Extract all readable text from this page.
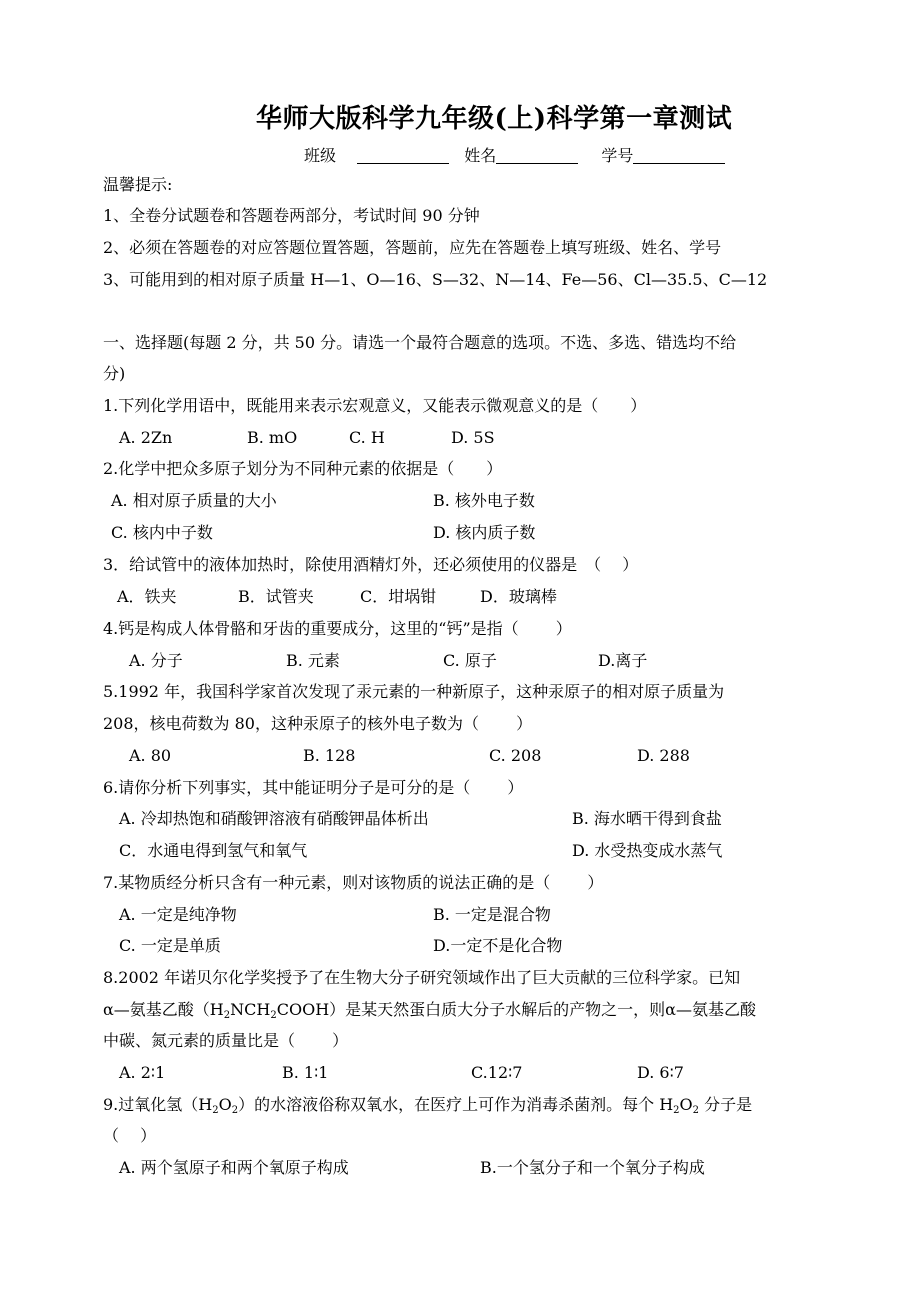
华师大版科学九年级(上)科学第一章测试
班级	姓名	学号
温馨提示:
1、全卷分试题卷和答题卷两部分，考试时间 90 分钟
2、必须在答题卷的对应答题位置答题，答题前，应先在答题卷上填写班级、姓名、学号
3、可能用到的相对原子质量 H—1、O—16、S—32、N—14、Fe—56、Cl—35.5、C—12
一、选择题(每题 2 分，共 50 分。请选一个最符合题意的选项。不选、多选、错选均不给
分)
1.下列化学用语中，既能用来表示宏观意义，又能表示微观意义的是（　　）
A. 2Zn	B. mO	C. H	D. 5S
2.化学中把众多原子划分为不同种元素的依据是（　　）
A. 相对原子质量的大小	B. 核外电子数
C. 核内中子数	D. 核内质子数
3．给试管中的液体加热时，除使用酒精灯外，还必须使用的仪器是　（　 ）
A．铁夹	B．试管夹	C．坩埚钳	D．玻璃棒
4.钙是构成人体骨骼和牙齿的重要成分，这里的“钙”是指（　　 ）
A. 分子	B. 元素	C. 原子	D.离子
5.1992 年，我国科学家首次发现了汞元素的一种新原子，这种汞原子的相对原子质量为
208，核电荷数为 80，这种汞原子的核外电子数为（　　 ）
A. 80	B. 128	C. 208	D. 288
6.请你分析下列事实，其中能证明分子是可分的是（　　 ）
A. 冷却热饱和硝酸钾溶液有硝酸钾晶体析出	B. 海水晒干得到食盐
C．水通电得到氢气和氧气	D. 水受热变成水蒸气
7.某物质经分析只含有一种元素，则对该物质的说法正确的是（　　 ）
A. 一定是纯净物	B. 一定是混合物
C. 一定是单质	D.一定不是化合物
8.2002 年诺贝尔化学奖授予了在生物大分子研究领域作出了巨大贡献的三位科学家。已知
α—氨基乙酸$(H_2NCH_2COOH)$是某天然蛋白质大分子水解后的产物之一，则α—氨基乙酸
中碳、氮元素的质量比是（　　 ）
A. 2∶1	B. 1∶1	C.12∶7	D. 6∶7
9.过氧化氢$(H_2O_2)$的水溶液俗称双氧水，在医疗上可作为消毒杀菌剂。每个 $H_2O_2$ 分子是
（　 ）
A. 两个氢原子和两个氧原子构成	B.一个氢分子和一个氧分子构成
